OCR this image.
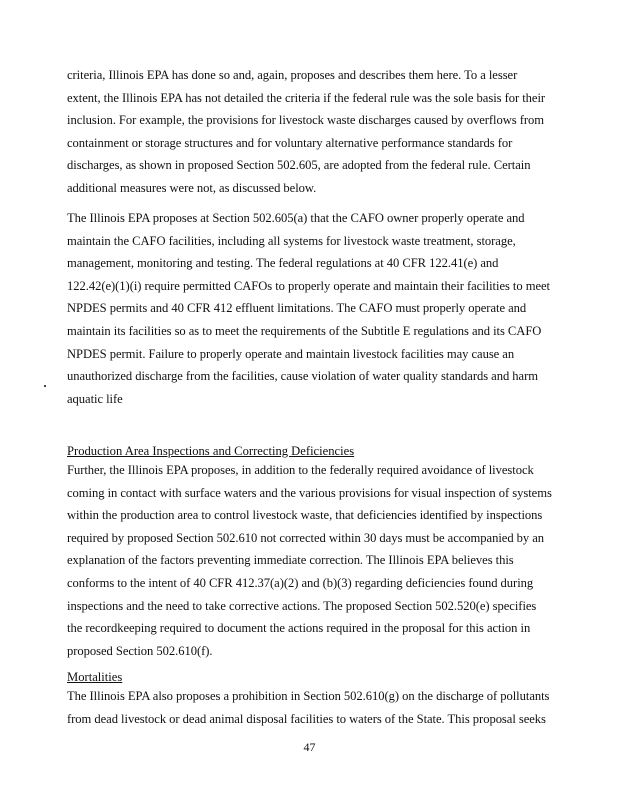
criteria, Illinois EPA has done so and, again, proposes and describes them here. To a lesser
extent, the Illinois EPA has not detailed the criteria if the federal rule was the sole basis for their
inclusion. For example, the provisions for livestock waste discharges caused by overflows from
containment or storage structures and for voluntary alternative performance standards for
discharges, as shown in proposed Section 502.605, are adopted from the federal rule. Certain
additional measures were not, as discussed below.
The Illinois EPA proposes at Section 502.605(a) that the CAFO owner properly operate and
maintain the CAFO facilities, including all systems for livestock waste treatment, storage,
management, monitoring and testing. The federal regulations at 40 CFR 122.41(e) and
122.42(e)(1)(i) require permitted CAFOs to properly operate and maintain their facilities to meet
NPDES permits and 40 CFR 412 effluent limitations. The CAFO must properly operate and
maintain its facilities so as to meet the requirements of the Subtitle E regulations and its CAFO
NPDES permit. Failure to properly operate and maintain livestock facilities may cause an
unauthorized discharge from the facilities, cause violation of water quality standards and harm
aquatic life
Production Area Inspections and Correcting Deficiencies
Further, the Illinois EPA proposes, in addition to the federally required avoidance of livestock
coming in contact with surface waters and the various provisions for visual inspection of systems
within the production area to control livestock waste, that deficiencies identified by inspections
required by proposed Section 502.610 not corrected within 30 days must be accompanied by an
explanation of the factors preventing immediate correction. The Illinois EPA believes this
conforms to the intent of 40 CFR 412.37(a)(2) and (b)(3) regarding deficiencies found during
inspections and the need to take corrective actions. The proposed Section 502.520(e) specifies
the recordkeeping required to document the actions required in the proposal for this action in
proposed Section 502.610(f).
Mortalities
The Illinois EPA also proposes a prohibition in Section 502.610(g) on the discharge of pollutants
from dead livestock or dead animal disposal facilities to waters of the State. This proposal seeks
47
